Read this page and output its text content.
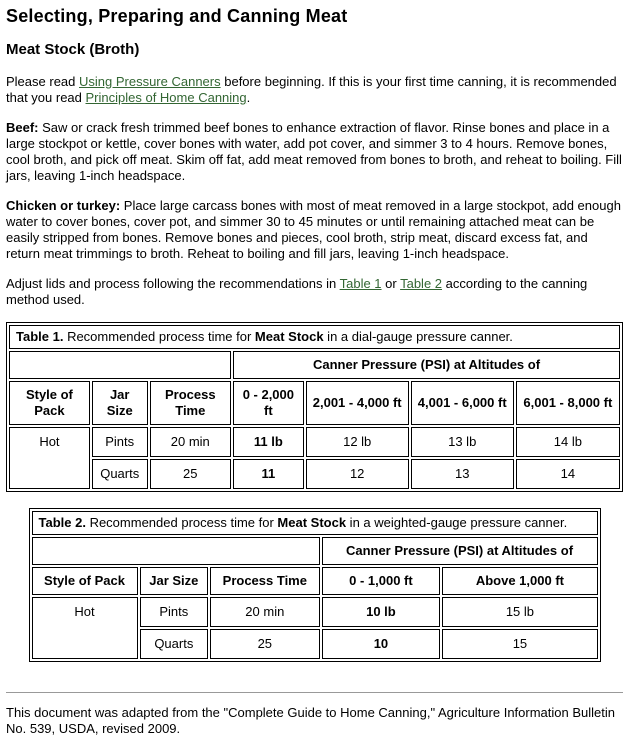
Selecting, Preparing and Canning Meat
Meat Stock (Broth)

Please read Using Pressure Canners before beginning. If this is your first time canning, it is recommended that you read Principles of Home Canning.

Beef: Saw or crack fresh trimmed beef bones to enhance extraction of flavor. Rinse bones and place in a large stockpot or kettle, cover bones with water, add pot cover, and simmer 3 to 4 hours. Remove bones, cool broth, and pick off meat. Skim off fat, add meat removed from bones to broth, and reheat to boiling. Fill jars, leaving 1-inch headspace.

Chicken or turkey: Place large carcass bones with most of meat removed in a large stockpot, add enough water to cover bones, cover pot, and simmer 30 to 45 minutes or until remaining attached meat can be easily stripped from bones. Remove bones and pieces, cool broth, strip meat, discard excess fat, and return meat trimmings to broth. Reheat to boiling and fill jars, leaving 1-inch headspace.

Adjust lids and process following the recommendations in Table 1 or Table 2 according to the canning method used.

Table 1. Recommended process time for Meat Stock in a dial-gauge pressure canner.						
			Canner Pressure (PSI) at Altitudes of			
Style of Pack	Jar Size	Process Time	0 - 2,000 ft	2,001 - 4,000 ft	4,001 - 6,000 ft	6,001 - 8,000 ft
Hot	Pints	20 min	11 lb	12 lb	13 lb	14 lb
	Quarts	25	11	12	13	14
Table 2. Recommended process time for Meat Stock in a weighted-gauge pressure canner.				
			Canner Pressure (PSI) at Altitudes of	
Style of Pack	Jar Size	Process Time	0 - 1,000 ft	Above 1,000 ft
Hot	Pints	20 min	10 lb	15 lb
	Quarts	25	10	15

This document was adapted from the "Complete Guide to Home Canning," Agriculture Information Bulletin No. 539, USDA, revised 2009.
